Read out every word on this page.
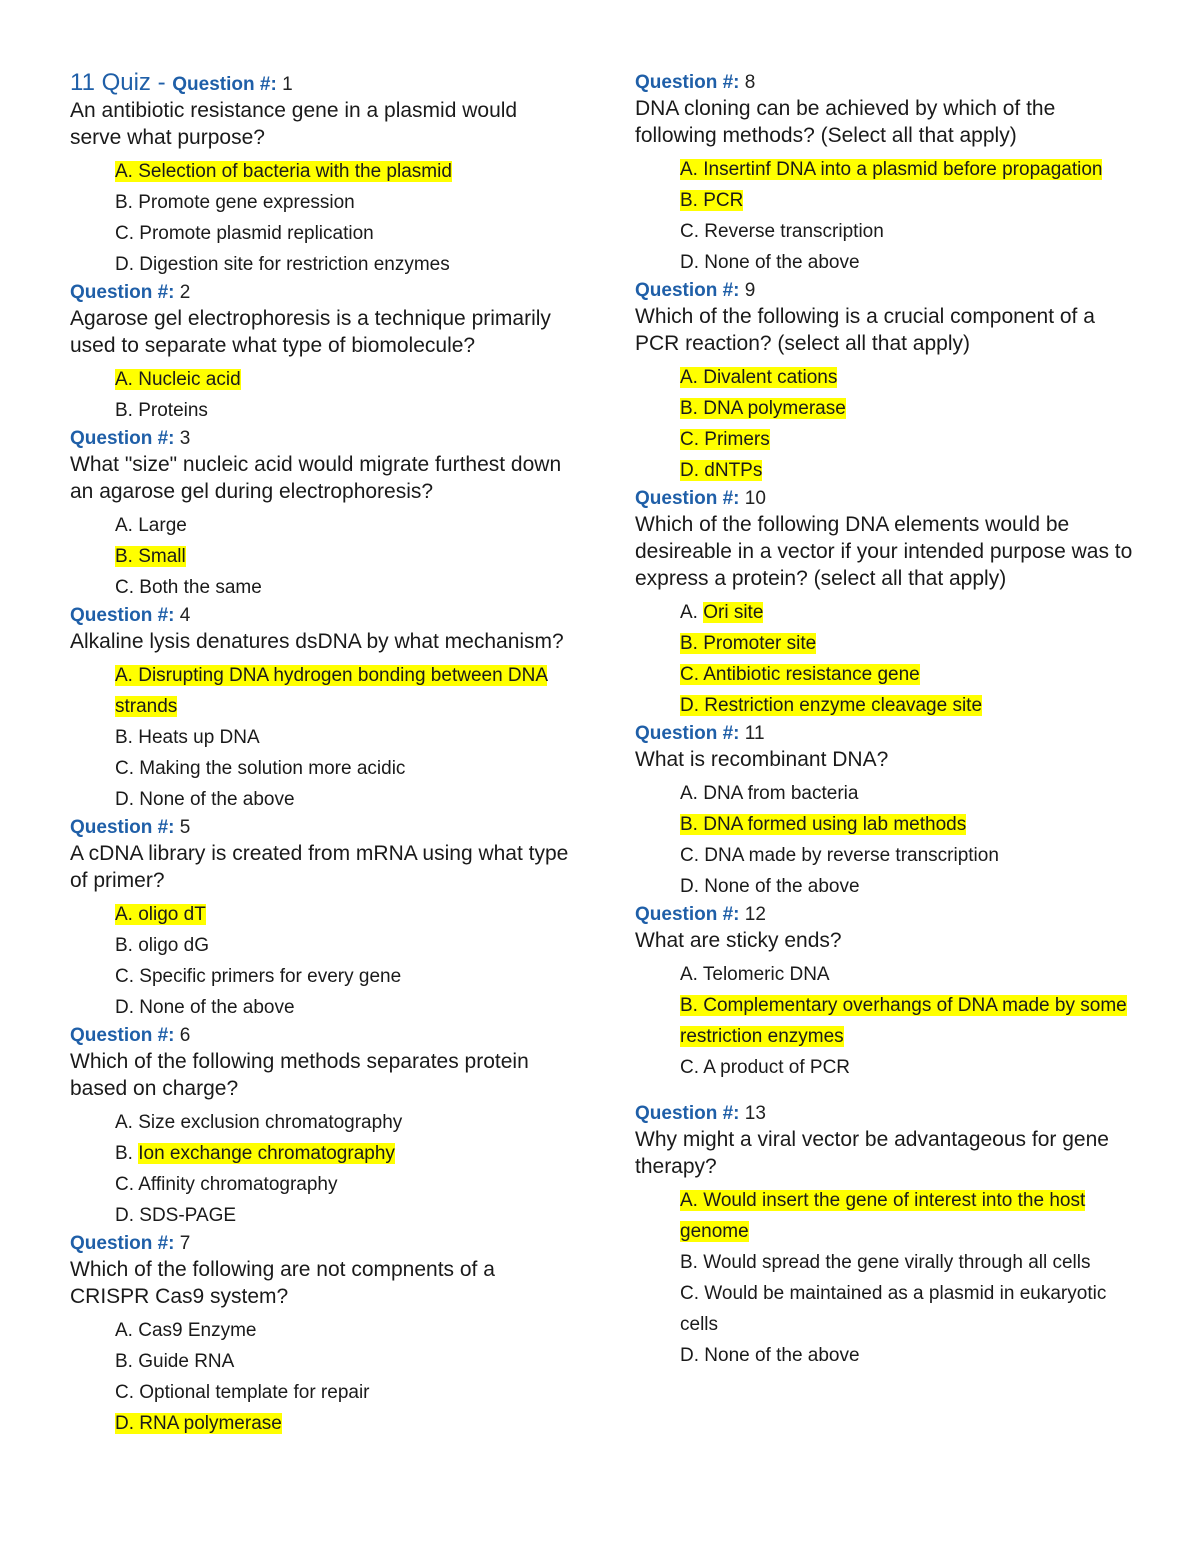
11 Quiz - Question #: 1
An antibiotic resistance gene in a plasmid would serve what purpose?
A. Selection of bacteria with the plasmid
B. Promote gene expression
C. Promote plasmid replication
D. Digestion site for restriction enzymes
Question #: 2
Agarose gel electrophoresis is a technique primarily used to separate what type of biomolecule?
A. Nucleic acid
B. Proteins
Question #: 3
What "size" nucleic acid would migrate furthest down an agarose gel during electrophoresis?
A. Large
B. Small
C. Both the same
Question #: 4
Alkaline lysis denatures dsDNA by what mechanism?
A. Disrupting DNA hydrogen bonding between DNA strands
B. Heats up DNA
C. Making the solution more acidic
D. None of the above
Question #: 5
A cDNA library is created from mRNA using what type of primer?
A. oligo dT
B. oligo dG
C. Specific primers for every gene
D. None of the above
Question #: 6
Which of the following methods separates protein based on charge?
A. Size exclusion chromatography
B. Ion exchange chromatography
C. Affinity chromatography
D. SDS-PAGE
Question #: 7
Which of the following are not compnents of a CRISPR Cas9 system?
A. Cas9 Enzyme
B. Guide RNA
C. Optional template for repair
D. RNA polymerase
Question #: 8
DNA cloning can be achieved by which of the following methods? (Select all that apply)
A. Insertinf DNA into a plasmid before propagation
B. PCR
C. Reverse transcription
D. None of the above
Question #: 9
Which of the following is a crucial component of a PCR reaction? (select all that apply)
A. Divalent cations
B. DNA polymerase
C. Primers
D. dNTPs
Question #: 10
Which of the following DNA elements would be desireable in a vector if your intended purpose was to express a protein? (select all that apply)
A. Ori site
B. Promoter site
C. Antibiotic resistance gene
D. Restriction enzyme cleavage site
Question #: 11
What is recombinant DNA?
A. DNA from bacteria
B. DNA formed using lab methods
C. DNA made by reverse transcription
D. None of the above
Question #: 12
What are sticky ends?
A. Telomeric DNA
B. Complementary overhangs of DNA made by some restriction enzymes
C. A product of PCR
Question #: 13
Why might a viral vector be advantageous for gene therapy?
A. Would insert the gene of interest into the host genome
B. Would spread the gene virally through all cells
C. Would be maintained as a plasmid in eukaryotic cells
D. None of the above
